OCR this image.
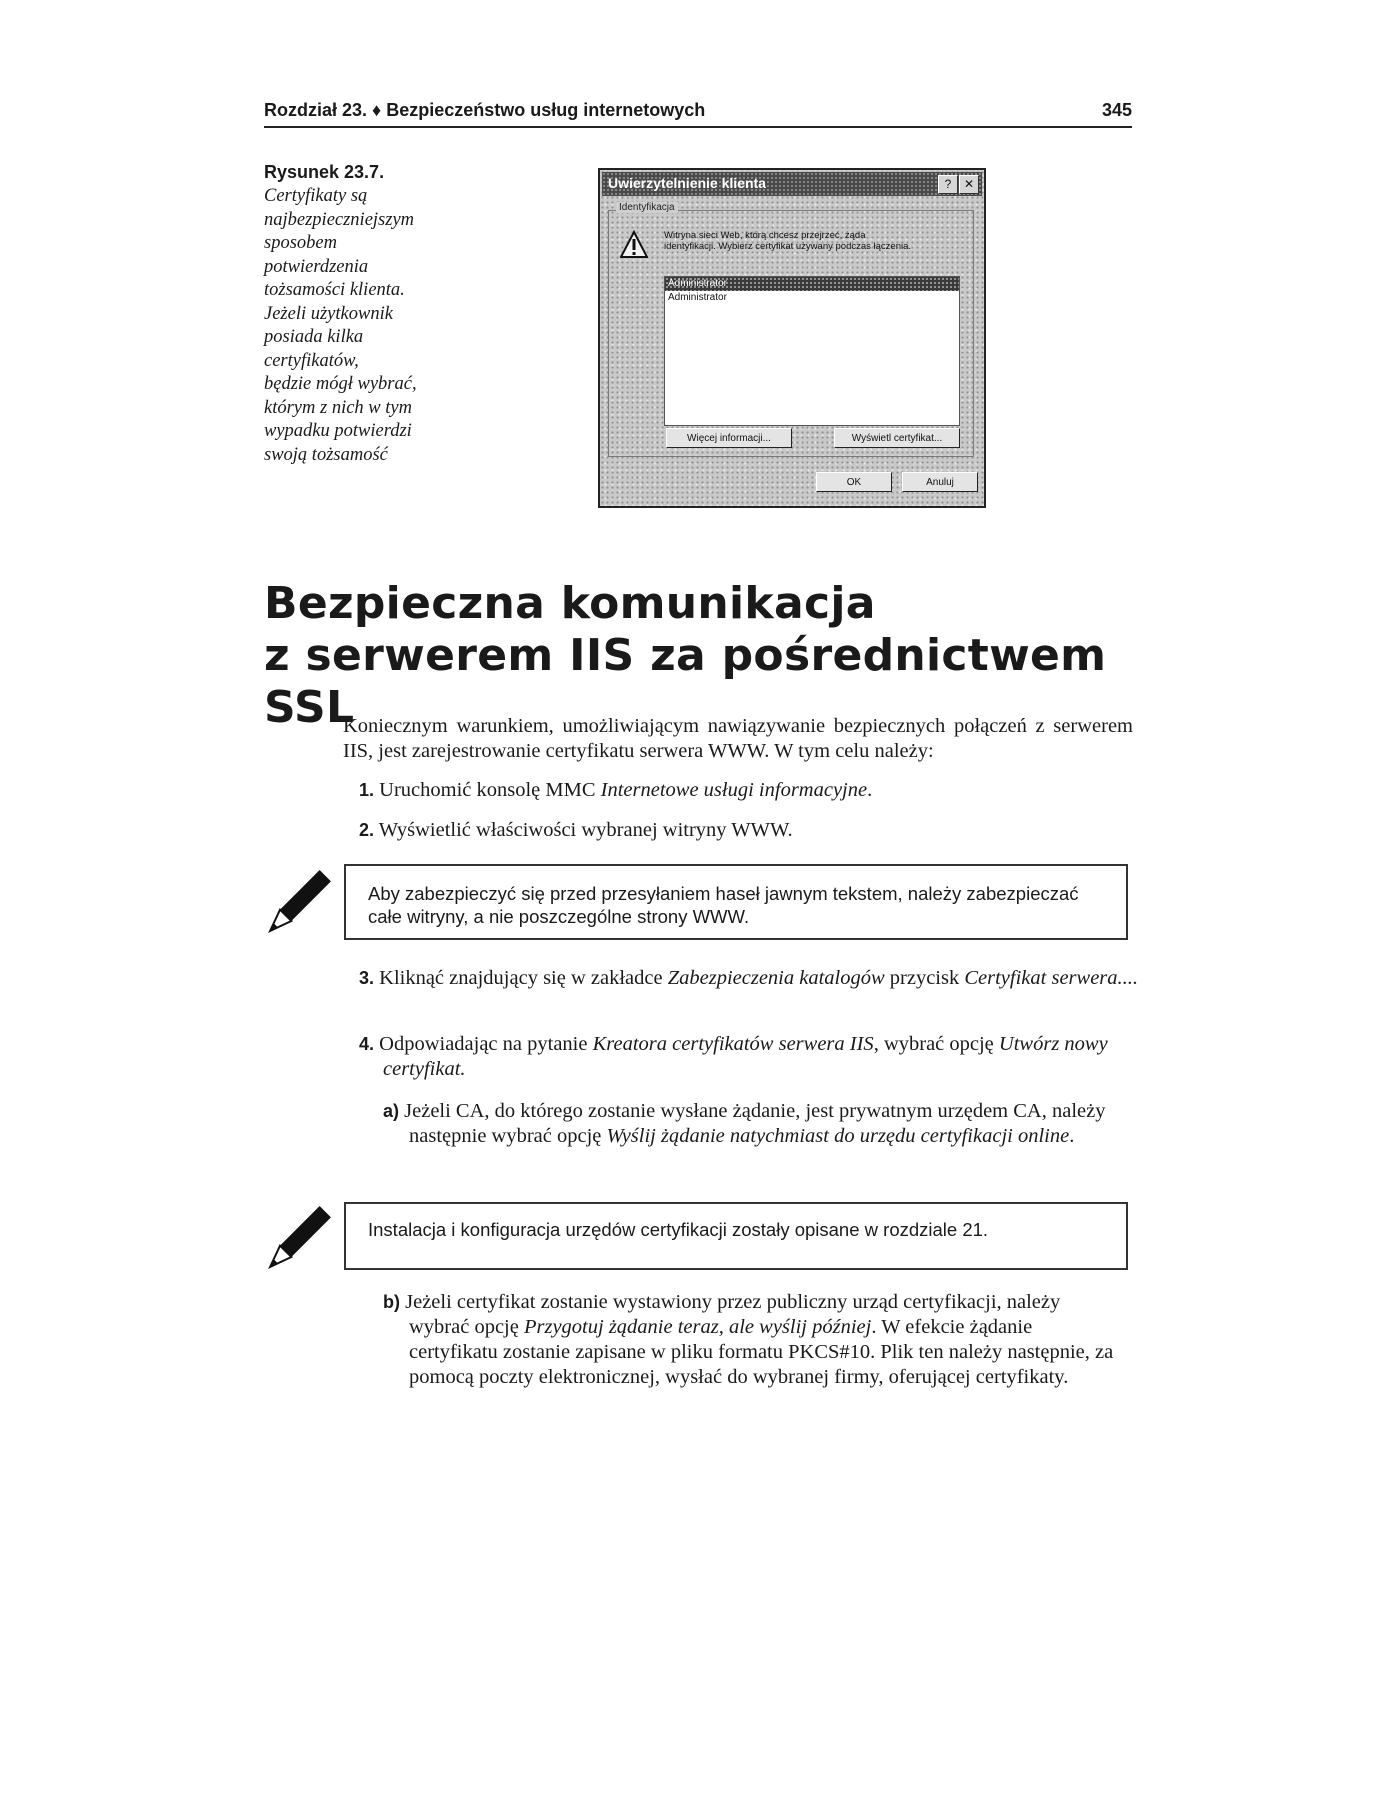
Rozdział 23. ♦ Bezpieczeństwo usług internetowych	345
Rysunek 23.7.
Certyfikaty są
najbezpieczniejszym
sposobem
potwierdzenia
tożsamości klienta.
Jeżeli użytkownik
posiada kilka
certyfikatów,
będzie mógł wybrać,
którym z nich w tym
wypadku potwierdzi
swoją tożsamość
Uwierzytelnienie klienta	?	✕
Identyfikacja
Witryna sieci Web, którą chcesz przejrzeć, żąda identyfikacji. Wybierz certyfikat używany podczas łączenia.
Administrator
Administrator
Więcej informacji...	Wyświetl certyfikat...
OK	Anuluj
Bezpieczna komunikacja
z serwerem IIS za pośrednictwem SSL
Koniecznym warunkiem, umożliwiającym nawiązywanie bezpiecznych połączeń z serwerem IIS, jest zarejestrowanie certyfikatu serwera WWW. W tym celu należy:
1. Uruchomić konsolę MMC Internetowe usługi informacyjne.
2. Wyświetlić właściwości wybranej witryny WWW.
Aby zabezpieczyć się przed przesyłaniem haseł jawnym tekstem, należy zabezpieczać całe witryny, a nie poszczególne strony WWW.
3. Kliknąć znajdujący się w zakładce Zabezpieczenia katalogów przycisk Certyfikat serwera....
4. Odpowiadając na pytanie Kreatora certyfikatów serwera IIS, wybrać opcję Utwórz nowy certyfikat.
a) Jeżeli CA, do którego zostanie wysłane żądanie, jest prywatnym urzędem CA, należy następnie wybrać opcję Wyślij żądanie natychmiast do urzędu certyfikacji online.
Instalacja i konfiguracja urzędów certyfikacji zostały opisane w rozdziale 21.
b) Jeżeli certyfikat zostanie wystawiony przez publiczny urząd certyfikacji, należy wybrać opcję Przygotuj żądanie teraz, ale wyślij później. W efekcie żądanie certyfikatu zostanie zapisane w pliku formatu PKCS#10. Plik ten należy następnie, za pomocą poczty elektronicznej, wysłać do wybranej firmy, oferującej certyfikaty.
